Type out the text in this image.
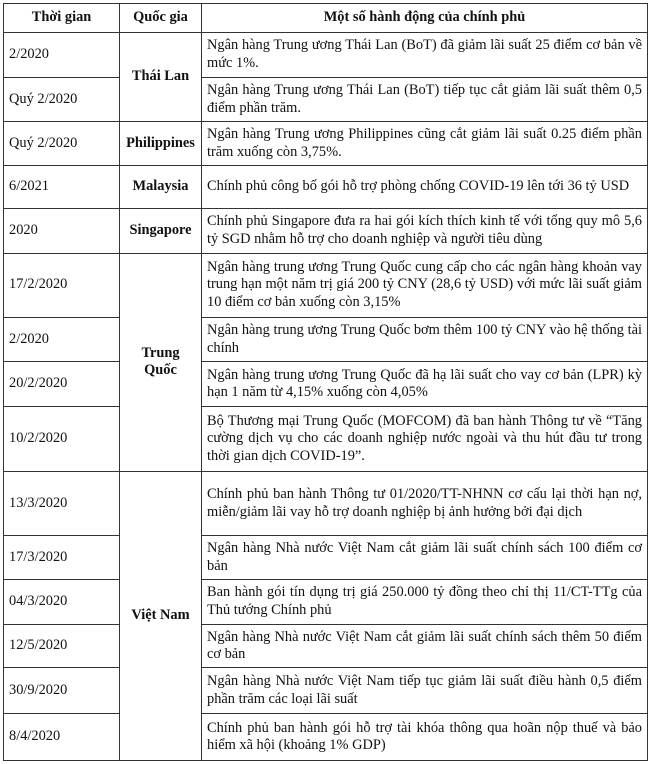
Thời gian	Quốc gia	Một số hành động của chính phủ
2/2020	Thái Lan	Ngân hàng Trung ương Thái Lan (BoT) đã giảm lãi suất 25 điểm cơ bản về mức 1%.
Quý 2/2020		Ngân hàng Trung ương Thái Lan (BoT) tiếp tục cắt giảm lãi suất thêm 0,5 điểm phần trăm.
Quý 2/2020	Philippines	Ngân hàng Trung ương Philippines cũng cắt giảm lãi suất 0.25 điểm phần trăm xuống còn 3,75%.
6/2021	Malaysia	Chính phủ công bố gói hỗ trợ phòng chống COVID-19 lên tới 36 tỷ USD
2020	Singapore	Chính phủ Singapore đưa ra hai gói kích thích kinh tế với tổng quy mô 5,6 tỷ SGD nhằm hỗ trợ cho doanh nghiệp và người tiêu dùng
17/2/2020	Trung Quốc	Ngân hàng trung ương Trung Quốc cung cấp cho các ngân hàng khoản vay trung hạn một năm trị giá 200 tỷ CNY (28,6 tỷ USD) với mức lãi suất giảm 10 điểm cơ bản xuống còn 3,15%
2/2020		Ngân hàng trung ương Trung Quốc bơm thêm 100 tỷ CNY vào hệ thống tài chính
20/2/2020		Ngân hàng trung ương Trung Quốc đã hạ lãi suất cho vay cơ bản (LPR) kỳ hạn 1 năm từ 4,15% xuống còn 4,05%
10/2/2020		Bộ Thương mại Trung Quốc (MOFCOM) đã ban hành Thông tư về “Tăng cường dịch vụ cho các doanh nghiệp nước ngoài và thu hút đầu tư trong thời gian dịch COVID-19”.
13/3/2020	Việt Nam	Chính phủ ban hành Thông tư 01/2020/TT-NHNN cơ cấu lại thời hạn nợ, miễn/giảm lãi vay hỗ trợ doanh nghiệp bị ảnh hưởng bởi đại dịch
17/3/2020		Ngân hàng Nhà nước Việt Nam cắt giảm lãi suất chính sách 100 điểm cơ bản
04/3/2020		Ban hành gói tín dụng trị giá 250.000 tỷ đồng theo chỉ thị 11/CT-TTg của Thủ tướng Chính phủ
12/5/2020		Ngân hàng Nhà nước Việt Nam cắt giảm lãi suất chính sách thêm 50 điểm cơ bản
30/9/2020		Ngân hàng Nhà nước Việt Nam tiếp tục giảm lãi suất điều hành 0,5 điểm phần trăm các loại lãi suất
8/4/2020		Chính phủ ban hành gói hỗ trợ tài khóa thông qua hoãn nộp thuế và bảo hiểm xã hội (khoảng 1% GDP)
